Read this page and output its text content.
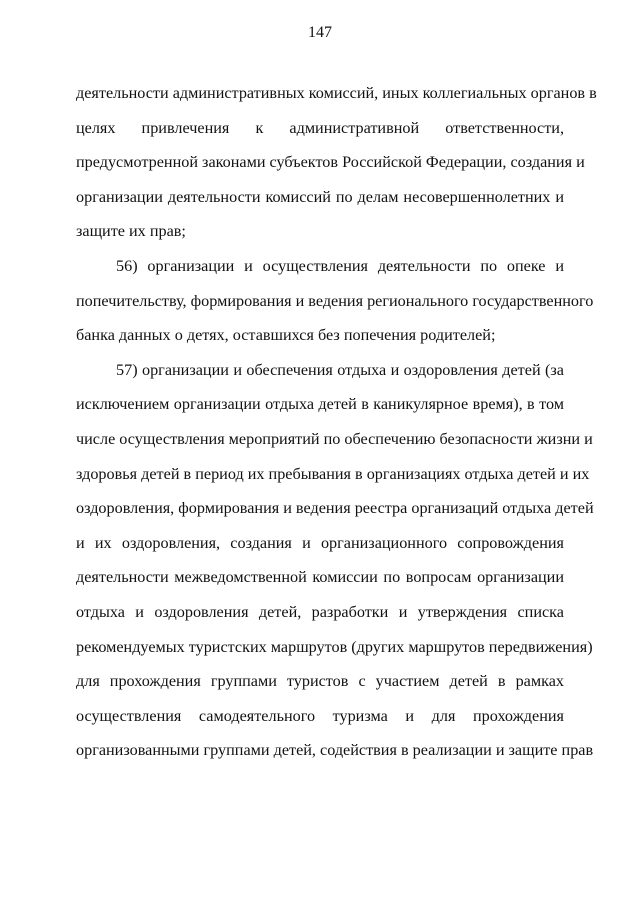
147
деятельности административных комиссий, иных коллегиальных органов в
целях привлечения к административной ответственности,
предусмотренной законами субъектов Российской Федерации, создания и
организации деятельности комиссий по делам несовершеннолетних и
защите их прав;
56) организации и осуществления деятельности по опеке и
попечительству, формирования и ведения регионального государственного
банка данных о детях, оставшихся без попечения родителей;
57) организации и обеспечения отдыха и оздоровления детей (за
исключением организации отдыха детей в каникулярное время), в том
числе осуществления мероприятий по обеспечению безопасности жизни и
здоровья детей в период их пребывания в организациях отдыха детей и их
оздоровления, формирования и ведения реестра организаций отдыха детей
и их оздоровления, создания и организационного сопровождения
деятельности межведомственной комиссии по вопросам организации
отдыха и оздоровления детей, разработки и утверждения списка
рекомендуемых туристских маршрутов (других маршрутов передвижения)
для прохождения группами туристов с участием детей в рамках
осуществления самодеятельного туризма и для прохождения
организованными группами детей, содействия в реализации и защите прав
